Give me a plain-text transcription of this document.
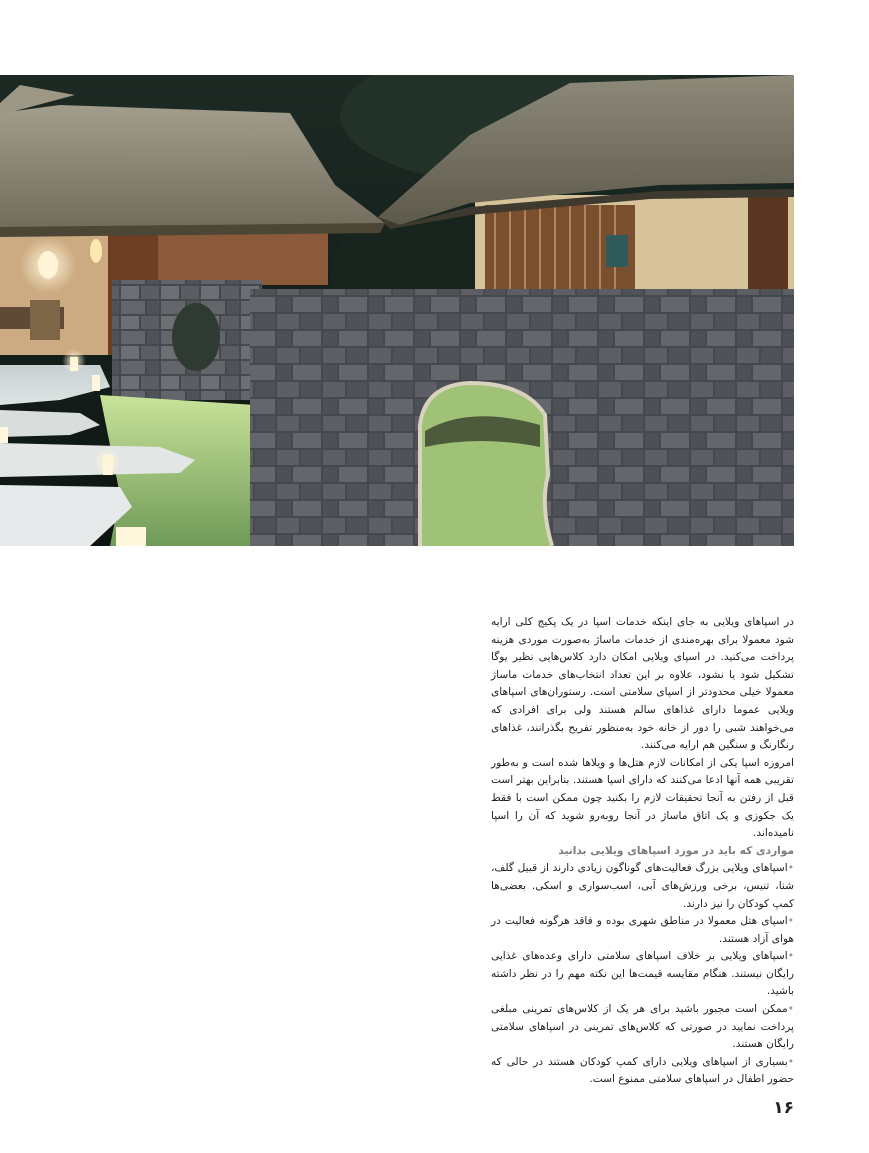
در اسپاهای ویلایی به جای اینکه خدمات اسپا در یک پکیج کلی ارایه شود معمولا برای بهره‌مندی از خدمات ماساژ به‌صورت موردی هزینه پرداخت می‌کنید. در اسپای ویلایی امکان دارد کلاس‌هایی نظیر یوگا تشکیل شود یا نشود، علاوه بر این تعداد انتخاب‌های خدمات ماساژ معمولا خیلی محدودتر از اسپای سلامتی است. رستوران‌های اسپاهای ویلایی عموما دارای غذاهای سالم هستند ولی برای افرادی که می‌خواهند شبی را دور از خانه خود به‌منظور تفریح بگذرانند، غذاهای رنگارنگ و سنگین هم ارایه می‌کنند.

امروزه اسپا یکی از امکانات لازم هتل‌ها و ویلاها شده است و به‌طور تقریبی همه آنها ادعا می‌کنند که دارای اسپا هستند. بنابراین بهتر است قبل از رفتن به آنجا تحقیقات لازم را بکنید چون ممکن است با فقط یک جکوزی و یک اتاق ماساژ در آنجا روبه‌رو شوید که آن را اسپا نامیده‌اند.

مواردی که باید در مورد اسپاهای ویلایی بدانید

•اسپاهای ویلایی بزرگ فعالیت‌های گوناگون زیادی دارند از قبیل گلف، شنا، تنیس، برخی ورزش‌های آبی، اسب‌سواری و اسکی. بعضی‌ها کمپ کودکان را نیز دارند.
•اسپای هتل معمولا در مناطق شهری بوده و فاقد هرگونه فعالیت در هوای آزاد هستند.
•اسپاهای ویلایی بر خلاف اسپاهای سلامتی دارای وعده‌های غذایی رایگان نیستند. هنگام مقایسه قیمت‌ها این نکته مهم را در نظر داشته باشید.
•ممکن است مجبور باشید برای هر یک از کلاس‌های تمرینی مبلغی پرداخت نمایید در صورتی که کلاس‌های تمرینی در اسپاهای سلامتی رایگان هستند.
•بسیاری از اسپاهای ویلایی دارای کمپ کودکان هستند در حالی که حضور اطفال در اسپاهای سلامتی ممنوع است.
۱۶
